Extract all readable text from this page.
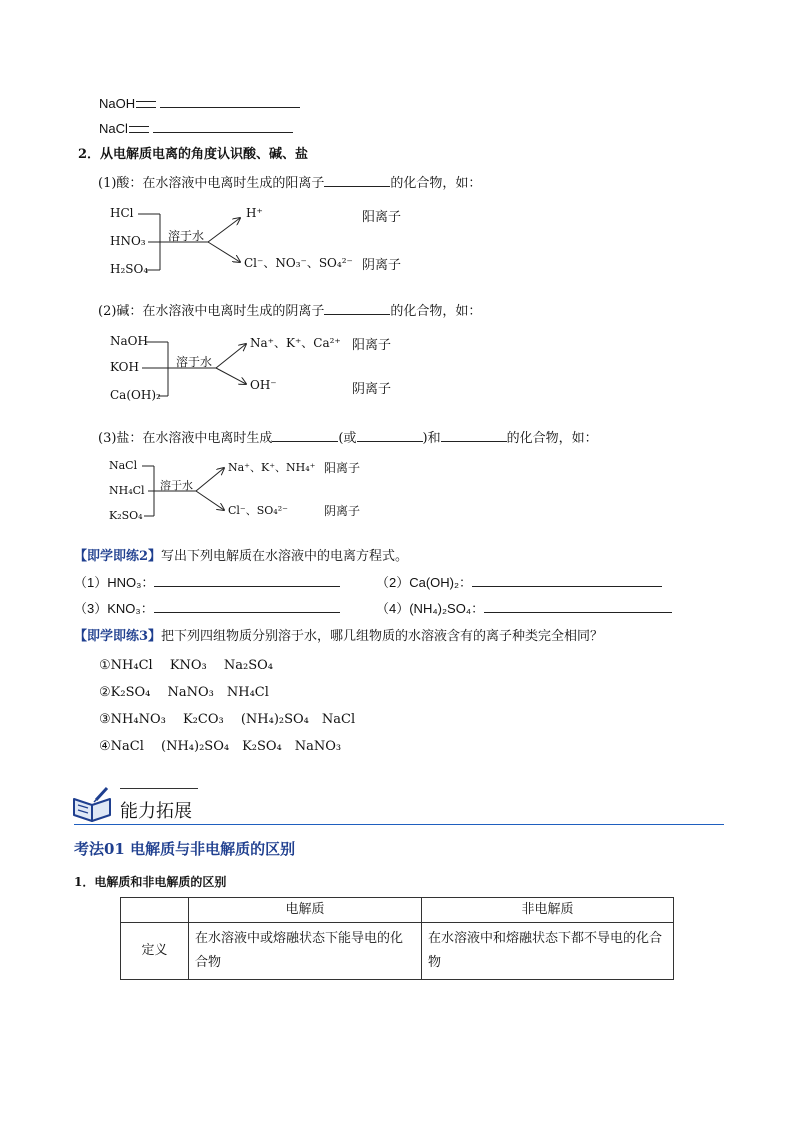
NaOH
NaCl
2．从电解质电离的角度认识酸、碱、盐
(1)酸：在水溶液中电离时生成的阳离子	的化合物，如：
HCl
HNO₃
H₂SO₄
溶于水
H⁺
Cl⁻、NO₃⁻、SO₄²⁻
阳离子
阴离子
(2)碱：在水溶液中电离时生成的阴离子	的化合物，如：
NaOH
KOH
Ca(OH)₂
溶于水
Na⁺、K⁺、Ca²⁺
OH⁻
阳离子
阴离子
(3)盐：在水溶液中电离时生成	(或	)和	的化合物，如：
NaCl
NH₄Cl
K₂SO₄
溶于水
Na⁺、K⁺、NH₄⁺
Cl⁻、SO₄²⁻
阳离子
阴离子
【即学即练2】写出下列电解质在水溶液中的电离方程式。
（1）HNO₃：	（2）Ca(OH)₂：
（3）KNO₃：	（4）(NH₄)₂SO₄：
【即学即练3】把下列四组物质分别溶于水，哪几组物质的水溶液含有的离子种类完全相同？
①NH₄Cl　 KNO₃　 Na₂SO₄
②K₂SO₄　 NaNO₃　NH₄Cl
③NH₄NO₃　 K₂CO₃　 (NH₄)₂SO₄　NaCl
④NaCl　 (NH₄)₂SO₄　K₂SO₄　NaNO₃
能力拓展
考法01 电解质与非电解质的区别
1．电解质和非电解质的区别
	电解质	非电解质
定义	在水溶液中或熔融状态下能导电的化合物	在水溶液中和熔融状态下都不导电的化合物
